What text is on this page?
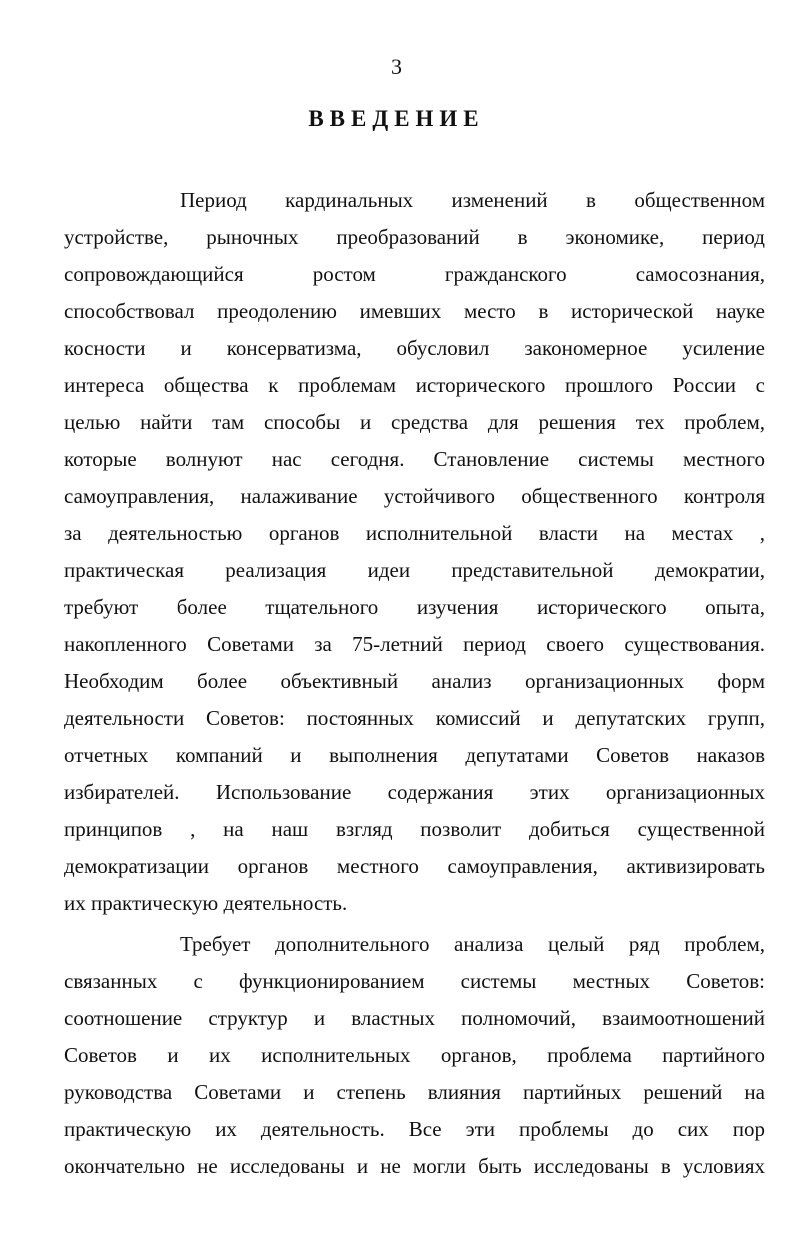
3
ВВЕДЕНИЕ
Период кардинальных изменений в общественном
устройстве, рыночных преобразований в экономике, период
сопровождающийся ростом гражданского самосознания,
способствовал преодолению имевших место в исторической науке
косности и консерватизма, обусловил закономерное усиление
интереса общества к проблемам исторического прошлого России с
целью найти там способы и средства для решения тех проблем,
которые волнуют нас сегодня. Становление системы местного
самоуправления, налаживание устойчивого общественного контроля
за деятельностью органов исполнительной власти на местах ,
практическая реализация идеи представительной демократии,
требуют более тщательного изучения исторического опыта,
накопленного Советами за 75-летний период своего существования.
Необходим более объективный анализ организационных форм
деятельности Советов: постоянных комиссий и депутатских групп,
отчетных компаний и выполнения депутатами Советов наказов
избирателей. Использование содержания этих организационных
принципов , на наш взгляд позволит добиться существенной
демократизации органов местного самоуправления, активизировать
их практическую деятельность.
Требует дополнительного анализа целый ряд проблем,
связанных с функционированием системы местных Советов:
соотношение структур и властных полномочий, взаимоотношений
Советов и их исполнительных органов, проблема партийного
руководства Советами и степень влияния партийных решений на
практическую их деятельность. Все эти проблемы до сих пор
окончательно не исследованы и не могли быть исследованы в условиях
